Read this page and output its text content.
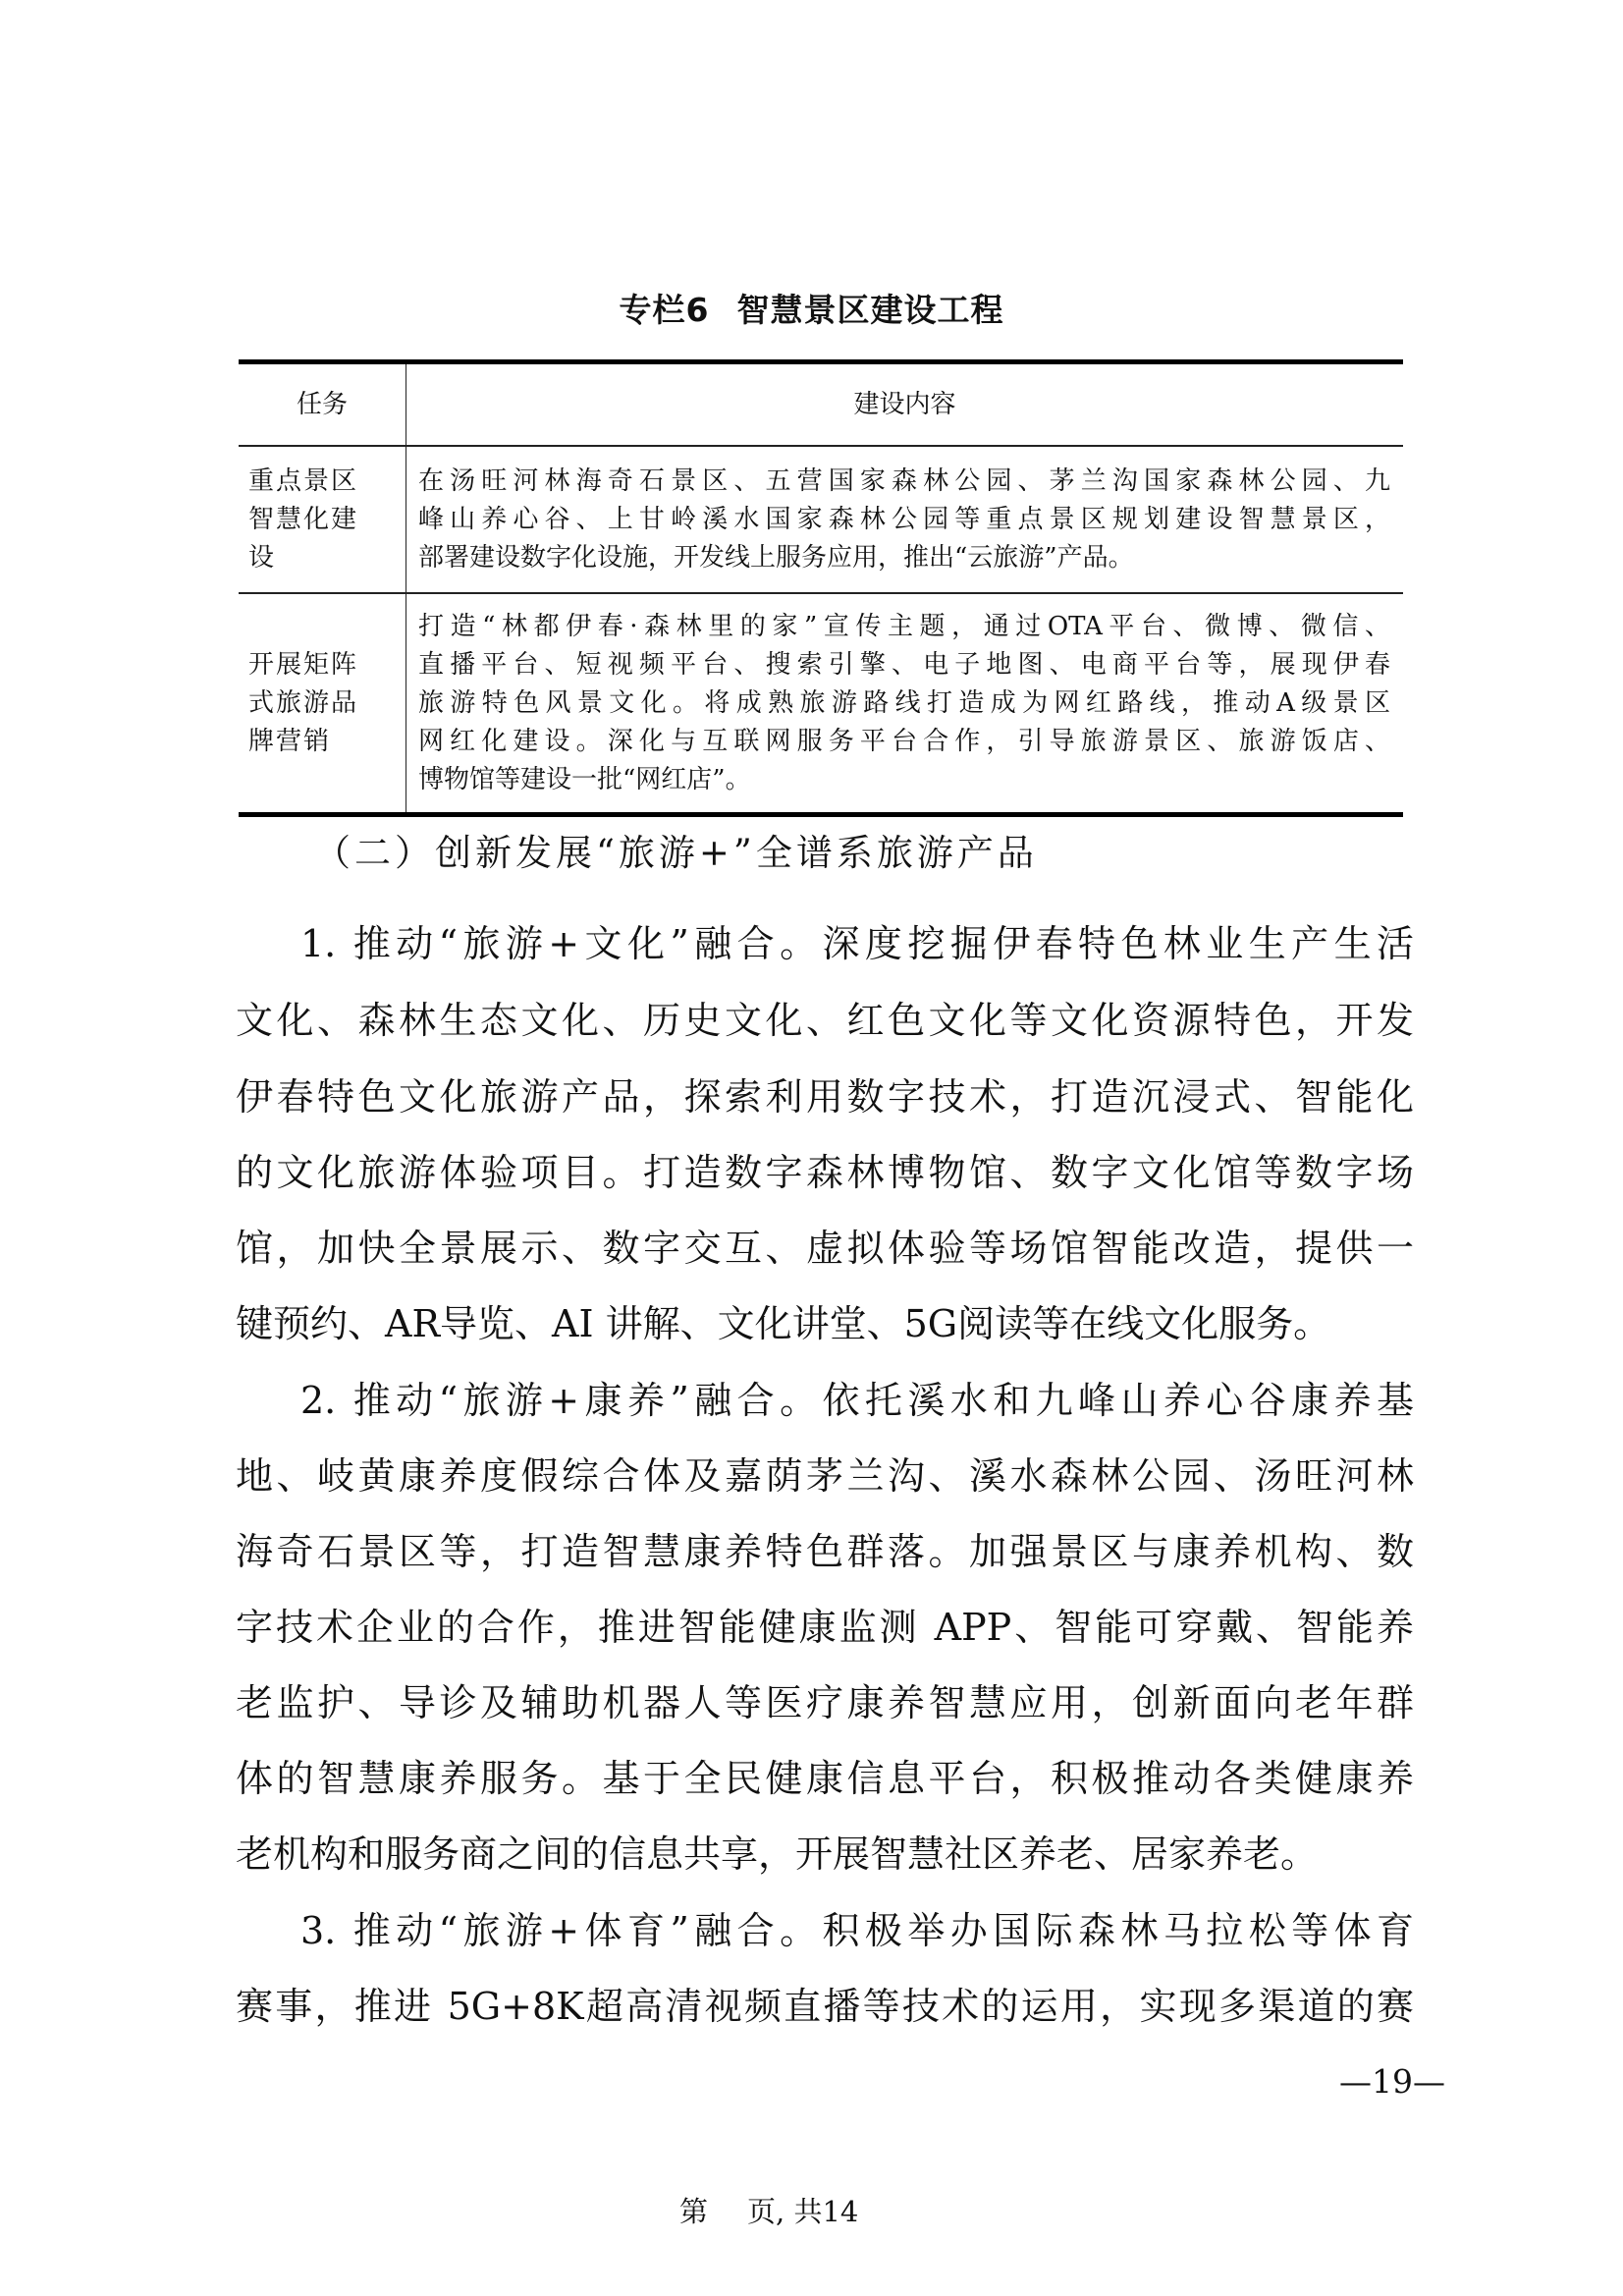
专栏6 智慧景区建设工程
任务	建设内容

重点景区
智慧化建
设	在汤旺河林海奇石景区、五营国家森林公园、茅兰沟国家森林公园、九
峰山养心谷、上甘岭溪水国家森林公园等重点景区规划建设智慧景区，
部署建设数字化设施，开发线上服务应用，推出“云旅游”产品。

开展矩阵
式旅游品
牌营销	打造“林都伊春·森林里的家”宣传主题，通过OTA平台、微博、微信、
直播平台、短视频平台、搜索引擎、电子地图、电商平台等，展现伊春
旅游特色风景文化。将成熟旅游路线打造成为网红路线，推动A级景区
网红化建设。深化与互联网服务平台合作，引导旅游景区、旅游饭店、
博物馆等建设一批“网红店”。
（二）创新发展“旅游+”全谱系旅游产品
1. 推动“旅游+文化”融合。深度挖掘伊春特色林业生产生活
文化、森林生态文化、历史文化、红色文化等文化资源特色，开发
伊春特色文化旅游产品，探索利用数字技术，打造沉浸式、智能化
的文化旅游体验项目。打造数字森林博物馆、数字文化馆等数字场
馆，加快全景展示、数字交互、虚拟体验等场馆智能改造，提供一
键预约、AR导览、AI 讲解、文化讲堂、5G阅读等在线文化服务。
2. 推动“旅游+康养”融合。依托溪水和九峰山养心谷康养基
地、岐黄康养度假综合体及嘉荫茅兰沟、溪水森林公园、汤旺河林
海奇石景区等，打造智慧康养特色群落。加强景区与康养机构、数
字技术企业的合作，推进智能健康监测 APP、智能可穿戴、智能养
老监护、导诊及辅助机器人等医疗康养智慧应用，创新面向老年群
体的智慧康养服务。基于全民健康信息平台，积极推动各类健康养
老机构和服务商之间的信息共享，开展智慧社区养老、居家养老。
3. 推动“旅游+体育”融合。积极举办国际森林马拉松等体育
赛事，推进 5G+8K超高清视频直播等技术的运用，实现多渠道的赛
—19—
第 页, 共14
